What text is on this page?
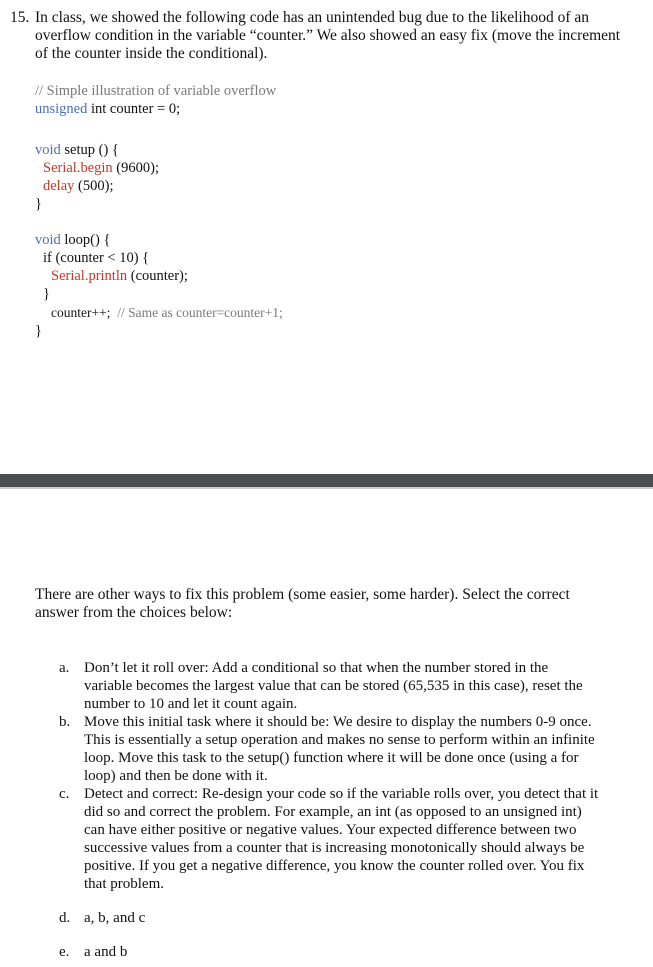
15. In class, we showed the following code has an unintended bug due to the likelihood of an overflow condition in the variable “counter.” We also showed an easy fix (move the increment of the counter inside the conditional).
// Simple illustration of variable overflow
unsigned int counter = 0;
void setup () {
Serial.begin (9600);
delay (500);
}
void loop() {
if (counter < 10) {
Serial.println (counter);
}
counter++;  // Same as counter=counter+1;
}
There are other ways to fix this problem (some easier, some harder). Select the correct answer from the choices below:
a. Don’t let it roll over: Add a conditional so that when the number stored in the variable becomes the largest value that can be stored (65,535 in this case), reset the number to 10 and let it count again.
b. Move this initial task where it should be: We desire to display the numbers 0-9 once. This is essentially a setup operation and makes no sense to perform within an infinite loop. Move this task to the setup() function where it will be done once (using a for loop) and then be done with it.
c. Detect and correct: Re-design your code so if the variable rolls over, you detect that it did so and correct the problem. For example, an int (as opposed to an unsigned int) can have either positive or negative values. Your expected difference between two successive values from a counter that is increasing monotonically should always be positive. If you get a negative difference, you know the counter rolled over. You fix that problem.
d. a, b, and c
e. a and b
